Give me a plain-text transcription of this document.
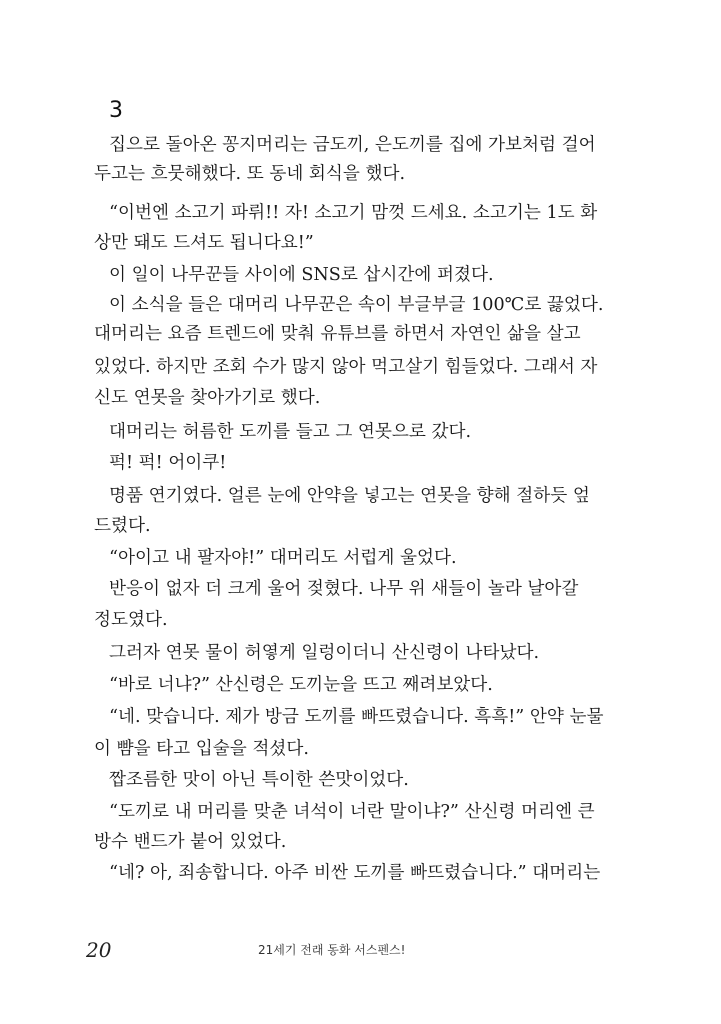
3
집으로 돌아온 꽁지머리는 금도끼, 은도끼를 집에 가보처럼 걸어
두고는 흐뭇해했다. 또 동네 회식을 했다.
“이번엔 소고기 파뤼!! 자! 소고기 맘껏 드세요. 소고기는 1도 화
상만 돼도 드셔도 됩니다요!”
이 일이 나무꾼들 사이에 SNS로 삽시간에 퍼졌다.
이 소식을 들은 대머리 나무꾼은 속이 부글부글 100℃로 끓었다.
대머리는 요즘 트렌드에 맞춰 유튜브를 하면서 자연인 삶을 살고
있었다. 하지만 조회 수가 많지 않아 먹고살기 힘들었다. 그래서 자
신도 연못을 찾아가기로 했다.
대머리는 허름한 도끼를 들고 그 연못으로 갔다.
퍽! 퍽! 어이쿠!
명품 연기였다. 얼른 눈에 안약을 넣고는 연못을 향해 절하듯 엎
드렸다.
“아이고 내 팔자야!” 대머리도 서럽게 울었다.
반응이 없자 더 크게 울어 젖혔다. 나무 위 새들이 놀라 날아갈
정도였다.
그러자 연못 물이 허옇게 일렁이더니 산신령이 나타났다.
“바로 너냐?” 산신령은 도끼눈을 뜨고 째려보았다.
“네. 맞습니다. 제가 방금 도끼를 빠뜨렸습니다. 흑흑!” 안약 눈물
이 뺨을 타고 입술을 적셨다.
짭조름한 맛이 아닌 특이한 쓴맛이었다.
“도끼로 내 머리를 맞춘 녀석이 너란 말이냐?” 산신령 머리엔 큰
방수 밴드가 붙어 있었다.
“네? 아, 죄송합니다. 아주 비싼 도끼를 빠뜨렸습니다.” 대머리는
20	21세기 전래 동화 서스펜스!
